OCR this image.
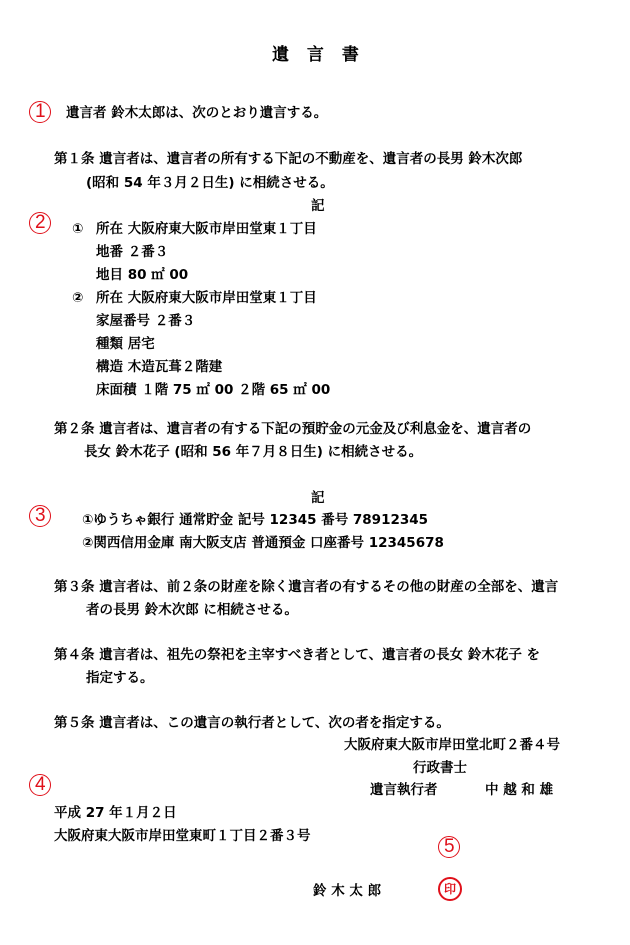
遺 言 書
1 遺言者 鈴木太郎は、次のとおり遺言する。
第１条 遺言者は、遺言者の所有する下記の不動産を、遺言者の長男 鈴木次郎
(昭和 54 年３月２日生) に相続させる。
記
2 ① 所在 大阪府東大阪市岸田堂東１丁目
地番 ２番３
地目 80 ㎡ 00
② 所在 大阪府東大阪市岸田堂東１丁目
家屋番号 ２番３
種類 居宅
構造 木造瓦葺２階建
床面積 １階 75 ㎡ 00 ２階 65 ㎡ 00
第２条 遺言者は、遺言者の有する下記の預貯金の元金及び利息金を、遺言者の
長女 鈴木花子 (昭和 56 年７月８日生) に相続させる。
記
3	①ゆうちゃ銀行 通常貯金 記号 12345 番号 78912345
②関西信用金庫 南大阪支店 普通預金 口座番号 12345678
第３条 遺言者は、前２条の財産を除く遺言者の有するその他の財産の全部を、遺言
者の長男 鈴木次郎 に相続させる。
第４条 遺言者は、祖先の祭祀を主宰すべき者として、遺言者の長女 鈴木花子 を
指定する。
第５条 遺言者は、この遺言の執行者として、次の者を指定する。
大阪府東大阪市岸田堂北町２番４号
行政書士
遺言執行者	中 越 和 雄
4
平成 27 年１月２日
大阪府東大阪市岸田堂東町１丁目２番３号	5
鈴 木 太 郎	印
